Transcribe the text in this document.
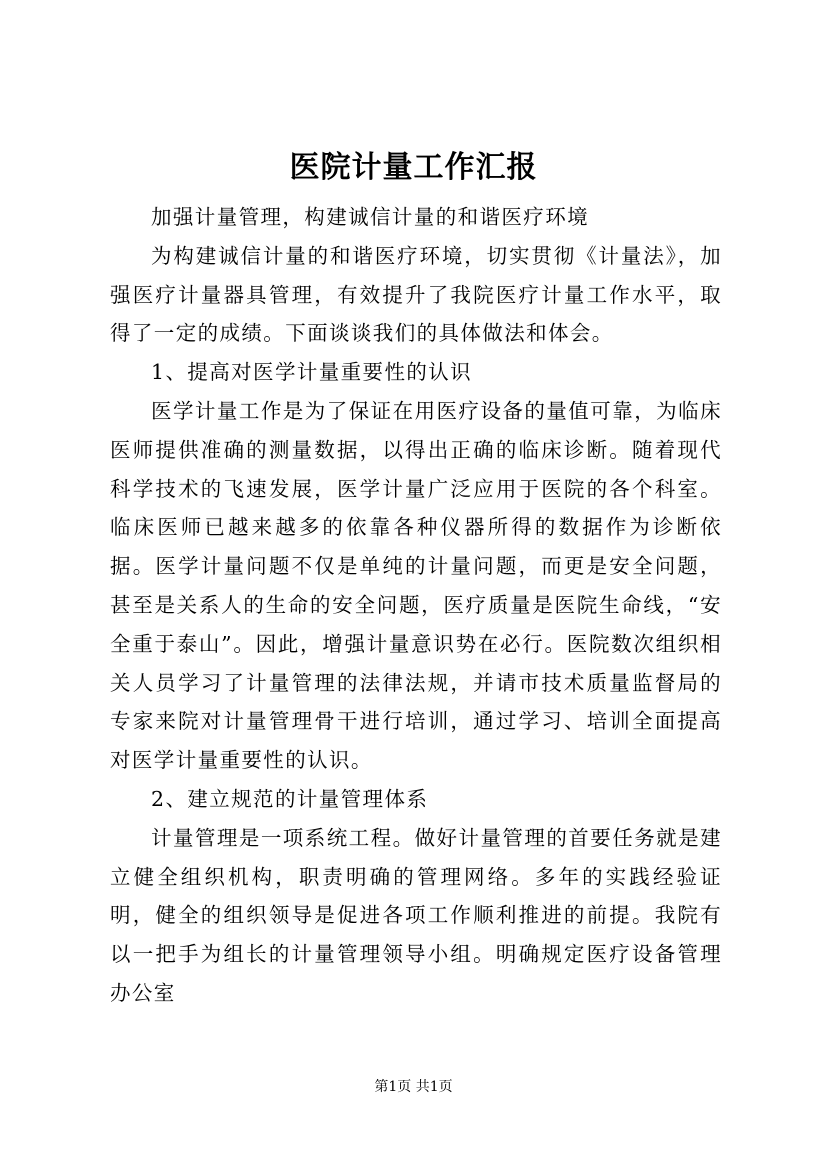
医院计量工作汇报

加强计量管理，构建诚信计量的和谐医疗环境

为构建诚信计量的和谐医疗环境，切实贯彻《计量法》，加强医疗计量器具管理，有效提升了我院医疗计量工作水平，取得了一定的成绩。下面谈谈我们的具体做法和体会。

1、提高对医学计量重要性的认识

医学计量工作是为了保证在用医疗设备的量值可靠，为临床医师提供准确的测量数据，以得出正确的临床诊断。随着现代科学技术的飞速发展，医学计量广泛应用于医院的各个科室。临床医师已越来越多的依靠各种仪器所得的数据作为诊断依据。医学计量问题不仅是单纯的计量问题，而更是安全问题，甚至是关系人的生命的安全问题，医疗质量是医院生命线，“安全重于泰山”。因此，增强计量意识势在必行。医院数次组织相关人员学习了计量管理的法律法规，并请市技术质量监督局的专家来院对计量管理骨干进行培训，通过学习、培训全面提高对医学计量重要性的认识。

2、建立规范的计量管理体系

计量管理是一项系统工程。做好计量管理的首要任务就是建立健全组织机构，职责明确的管理网络。多年的实践经验证明，健全的组织领导是促进各项工作顺利推进的前提。我院有以一把手为组长的计量管理领导小组。明确规定医疗设备管理办公室

第1页 共1页
